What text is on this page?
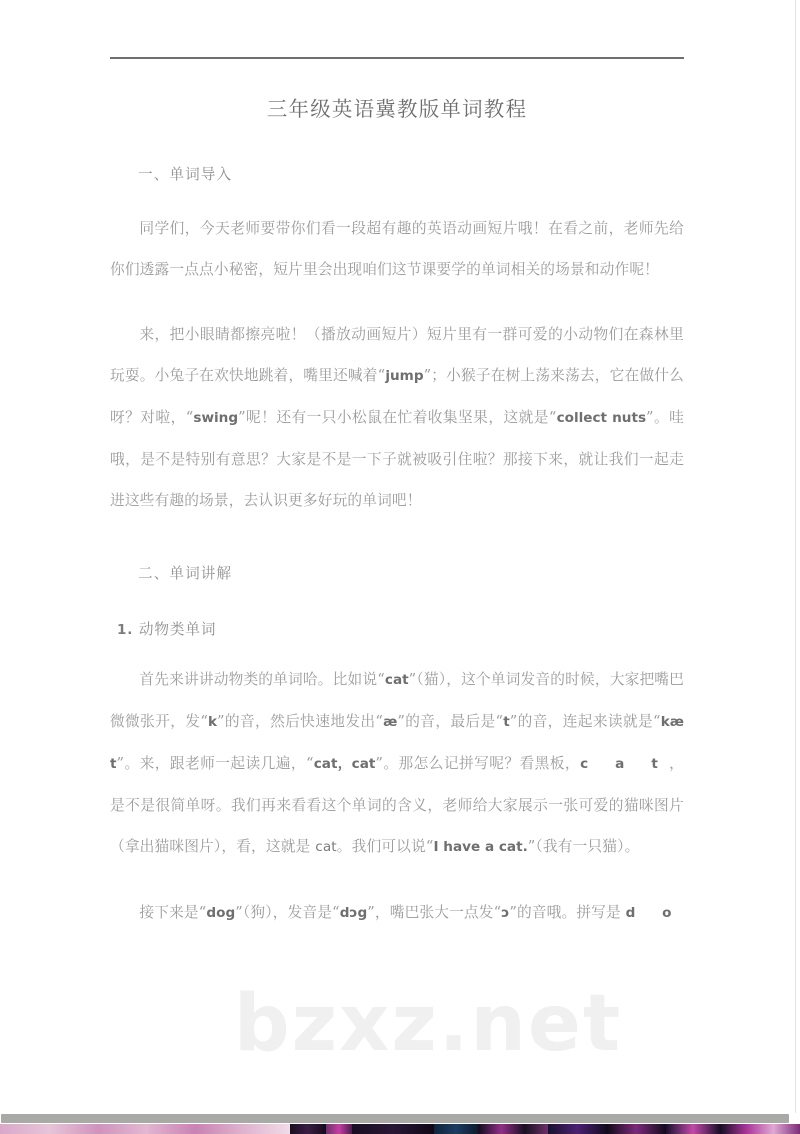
bzxz.net
三年级英语冀教版单词教程
一、单词导入

同学们，今天老师要带你们看一段超有趣的英语动画短片哦！在看之前，老师先给你们透露一点点小秘密，短片里会出现咱们这节课要学的单词相关的场景和动作呢！

来，把小眼睛都擦亮啦！（播放动画短片）短片里有一群可爱的小动物们在森林里玩耍。小兔子在欢快地跳着，嘴里还喊着“jump”；小猴子在树上荡来荡去，它在做什么呀？对啦，“swing”呢！还有一只小松鼠在忙着收集坚果，这就是“collect nuts”。哇哦，是不是特别有意思？大家是不是一下子就被吸引住啦？那接下来，就让我们一起走进这些有趣的场景，去认识更多好玩的单词吧！

二、单词讲解
1. 动物类单词

首先来讲讲动物类的单词哈。比如说“cat”（猫），这个单词发音的时候，大家把嘴巴微微张开，发“k”的音，然后快速地发出“æ”的音，最后是“t”的音，连起来读就是“kæt”。来，跟老师一起读几遍，“cat，cat”。那怎么记拼写呢？看黑板，c a t，是不是很简单呀。我们再来看看这个单词的含义，老师给大家展示一张可爱的猫咪图片（拿出猫咪图片），看，这就是 cat。我们可以说“I have a cat.”（我有一只猫）。

接下来是“dog”（狗），发音是“dɔg”，嘴巴张大一点发“ɔ”的音哦。拼写是 d o
